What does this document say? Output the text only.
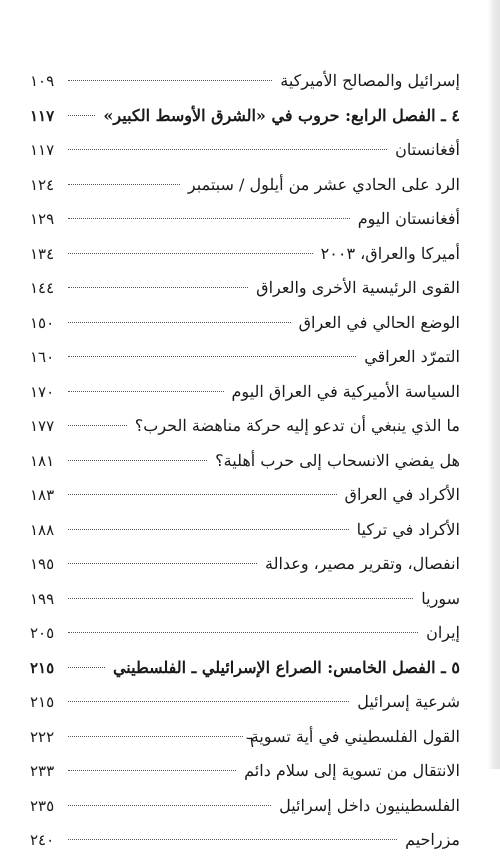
إسرائيل والمصالح الأميركية
١٠٩
٤ ـ الفصل الرابع: حروب في «الشرق الأوسط الكبير»
١١٧
أفغانستان
١١٧
الرد على الحادي عشر من أيلول / سبتمبر
١٢٤
أفغانستان اليوم
١٢٩
أميركا والعراق، ٢٠٠٣
١٣٤
القوى الرئيسية الأخرى والعراق
١٤٤
الوضع الحالي في العراق
١٥٠
التمرّد العراقي
١٦٠
السياسة الأميركية في العراق اليوم
١٧٠
ما الذي ينبغي أن تدعو إليه حركة مناهضة الحرب؟
١٧٧
هل يفضي الانسحاب إلى حرب أهلية؟
١٨١
الأكراد في العراق
١٨٣
الأكراد في تركيا
١٨٨
انفصال، وتقرير مصير، وعدالة
١٩٥
سوريا
١٩٩
إيران
٢٠٥
٥ ـ الفصل الخامس: الصراع الإسرائيلي ـ الفلسطيني
٢١٥
شرعية إسرائيل
٢١٥
القول الفلسطيني في أية تسوية
٢٢٢
الانتقال من تسوية إلى سلام دائم
٢٣٣
الفلسطينيون داخل إسرائيل
٢٣٥
مزراحيم
٢٤٠
٦
